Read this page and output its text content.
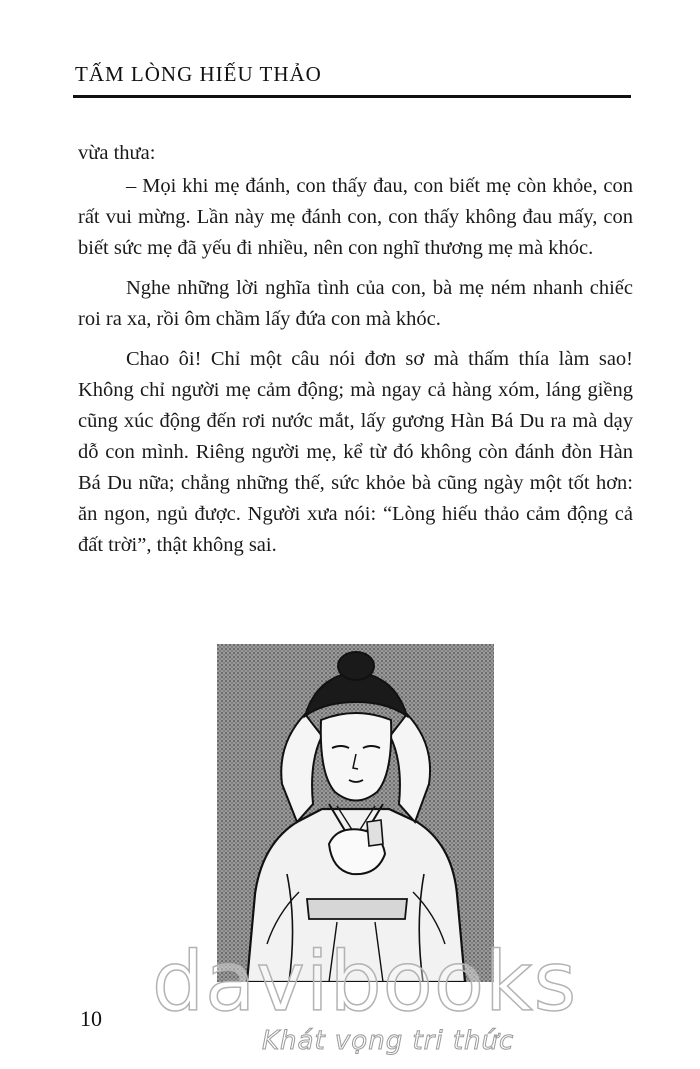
TẤM LÒNG HIẾU THẢO

vừa thưa:

– Mọi khi mẹ đánh, con thấy đau, con biết mẹ còn khỏe, con rất vui mừng. Lần này mẹ đánh con, con thấy không đau mấy, con biết sức mẹ đã yếu đi nhiều, nên con nghĩ thương mẹ mà khóc.

Nghe những lời nghĩa tình của con, bà mẹ ném nhanh chiếc roi ra xa, rồi ôm chầm lấy đứa con mà khóc.

Chao ôi! Chỉ một câu nói đơn sơ mà thấm thía làm sao! Không chỉ người mẹ cảm động; mà ngay cả hàng xóm, láng giềng cũng xúc động đến rơi nước mắt, lấy gương Hàn Bá Du ra mà dạy dỗ con mình. Riêng người mẹ, kể từ đó không còn đánh đòn Hàn Bá Du nữa; chẳng những thế, sức khỏe bà cũng ngày một tốt hơn: ăn ngon, ngủ được. Người xưa nói: “Lòng hiếu thảo cảm động cả đất trời”, thật không sai.

10 davibooks
Khát vọng tri thức
